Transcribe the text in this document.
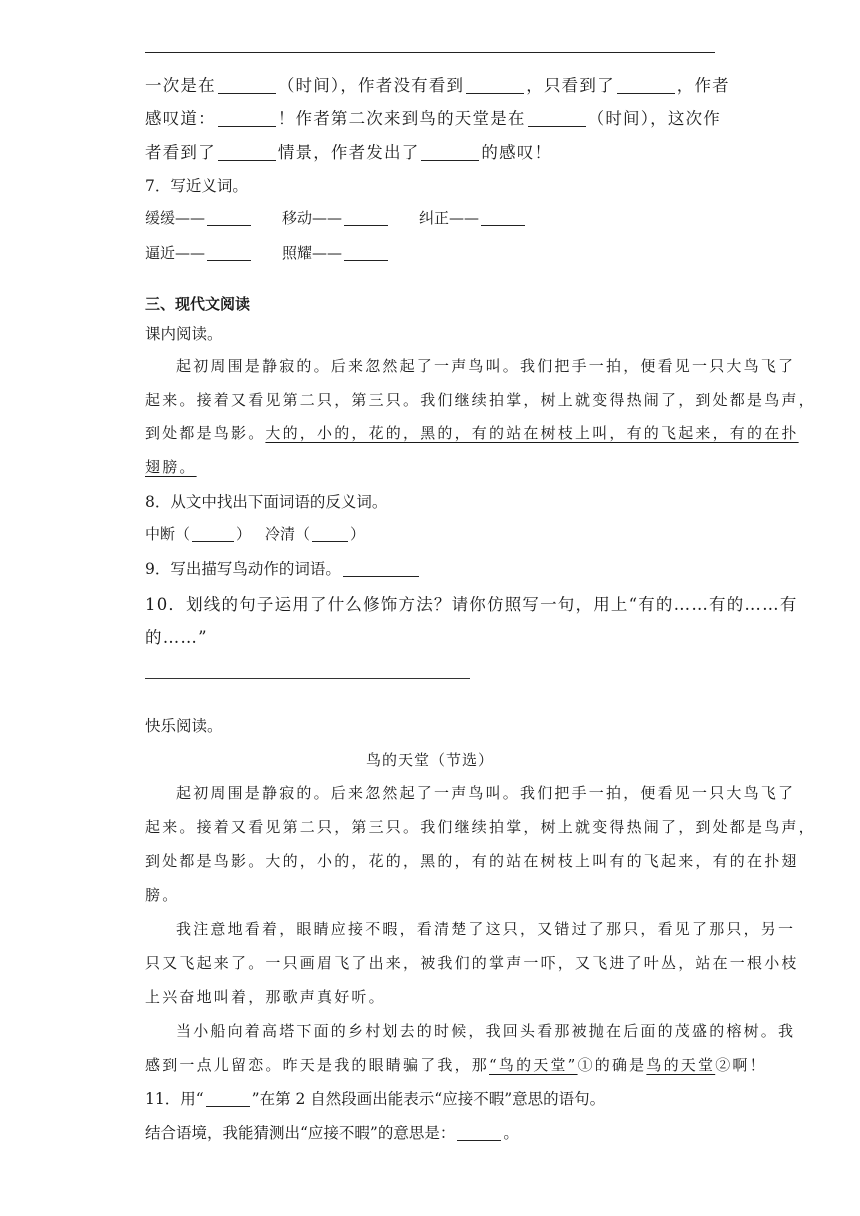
一次是在	（时间），作者没有看到	，只看到了	，作者
感叹道：	！作者第二次来到鸟的天堂是在	（时间），这次作
者看到了	情景，作者发出了	的感叹！
7．写近义词。
缓缓——	移动——	纠正——
逼近——	照耀——
三、现代文阅读
课内阅读。
起初周围是静寂的。后来忽然起了一声鸟叫。我们把手一拍，便看见一只大鸟飞了
起来。接着又看见第二只，第三只。我们继续拍掌，树上就变得热闹了，到处都是鸟声，
到处都是鸟影。大的，小的，花的，黑的，有的站在树枝上叫，有的飞起来，有的在扑
翅膀。
8．从文中找出下面词语的反义词。
中断（	） 冷清（	）
9．写出描写鸟动作的词语。
10．划线的句子运用了什么修饰方法？请你仿照写一句，用上“有的……有的……有
的……”
快乐阅读。
鸟的天堂（节选）
起初周围是静寂的。后来忽然起了一声鸟叫。我们把手一拍，便看见一只大鸟飞了
起来。接着又看见第二只，第三只。我们继续拍掌，树上就变得热闹了，到处都是鸟声，
到处都是鸟影。大的，小的，花的，黑的，有的站在树枝上叫有的飞起来，有的在扑翅
膀。
我注意地看着，眼睛应接不暇，看清楚了这只，又错过了那只，看见了那只，另一
只又飞起来了。一只画眉飞了出来，被我们的掌声一吓，又飞进了叶丛，站在一根小枝
上兴奋地叫着，那歌声真好听。
当小船向着高塔下面的乡村划去的时候，我回头看那被抛在后面的茂盛的榕树。我
感到一点儿留恋。昨天是我的眼睛骗了我，那“鸟的天堂”①的确是鸟的天堂②啊！
11．用“	”在第 2 自然段画出能表示“应接不暇”意思的语句。
结合语境，我能猜测出“应接不暇”的意思是：	。
